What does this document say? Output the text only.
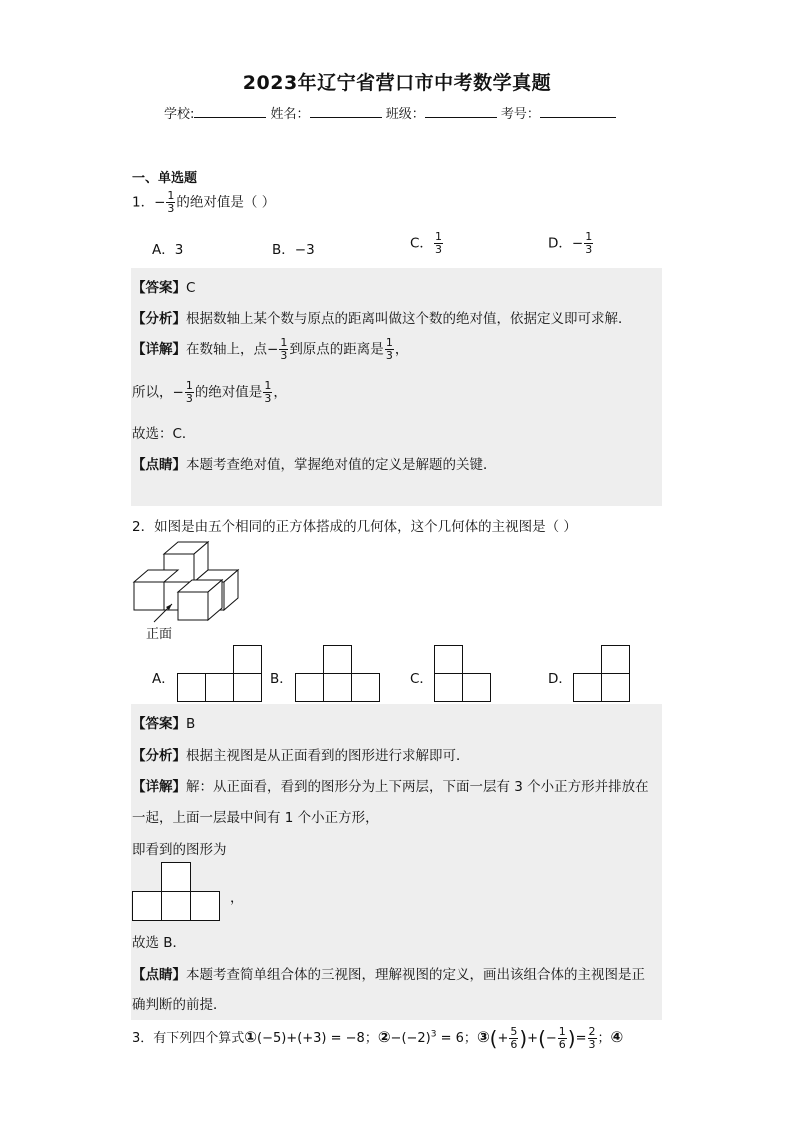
2023年辽宁省营口市中考数学真题
学校:	姓名：	班级：	考号：
一、单选题
1．− $\frac{1}{3}$ 的绝对值是（ ）
A．3	B．−3	C． $\frac{1}{3}$	D．− $\frac{1}{3}$
【答案】C
【分析】根据数轴上某个数与原点的距离叫做这个数的绝对值，依据定义即可求解．
【详解】在数轴上，点− $\frac{1}{3}$ 到原点的距离是 $\frac{1}{3}$ ，
所以，− $\frac{1}{3}$ 的绝对值是 $\frac{1}{3}$ ，
故选：C．
【点睛】本题考查绝对值，掌握绝对值的定义是解题的关键．
2．如图是由五个相同的正方体搭成的几何体，这个几何体的主视图是（ ）
正面
A．	B．	C．	D．
【答案】B
【分析】根据主视图是从正面看到的图形进行求解即可．
【详解】解：从正面看，看到的图形分为上下两层，下面一层有 3 个小正方形并排放在
一起，上面一层最中间有 1 个小正方形，
即看到的图形为
，
故选 B．
【点睛】本题考查简单组合体的三视图，理解视图的定义，画出该组合体的主视图是正
确判断的前提．
3．有下列四个算式①(−5)+(+3) = −8；$②-(-2)^3 = 6$；③(+ $\frac{5}{6}$ )+(− $\frac{1}{6}$ )= $\frac{2}{3}$ ；④
